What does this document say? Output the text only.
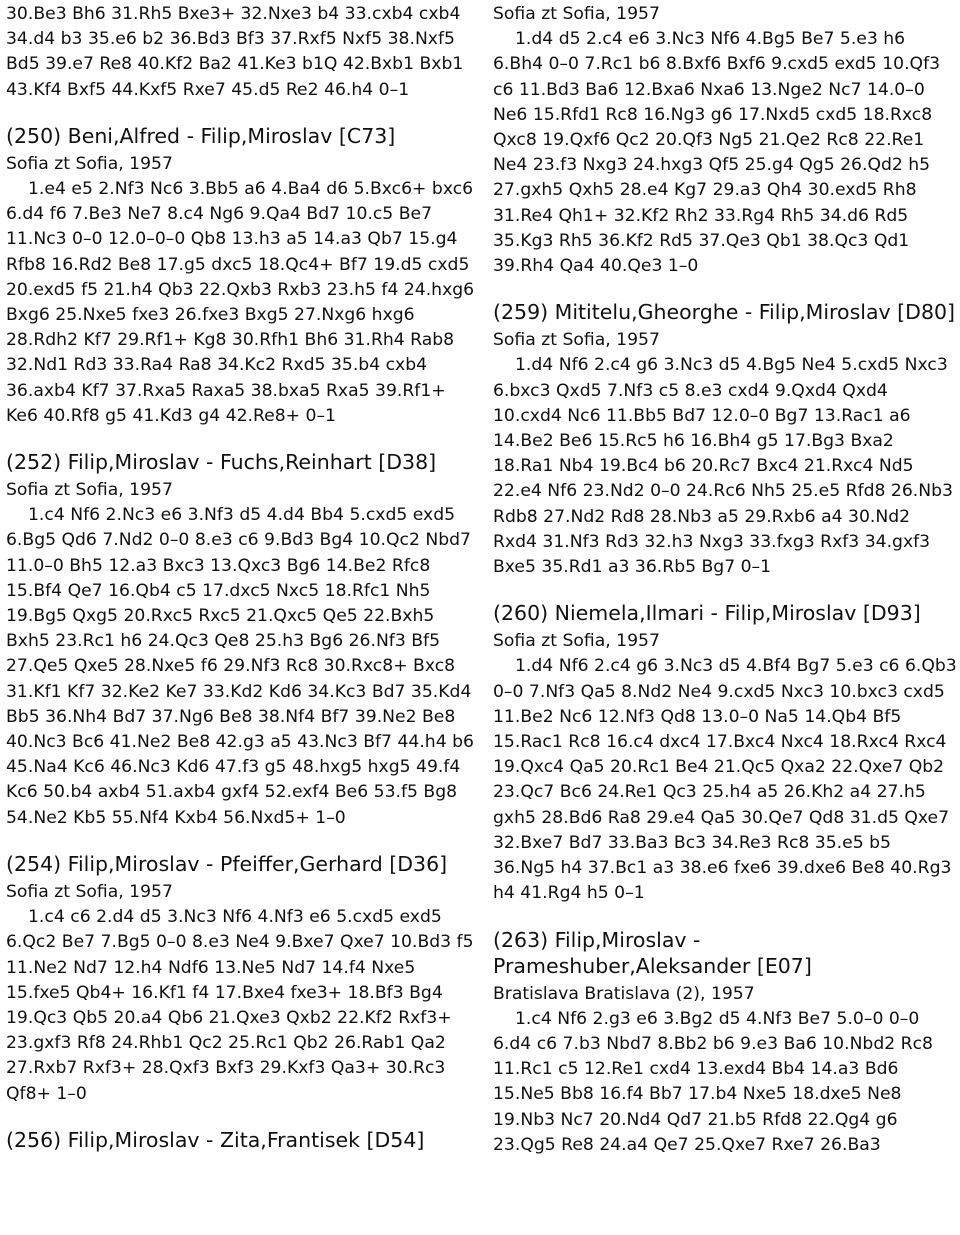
30.Be3 Bh6 31.Rh5 Bxe3+ 32.Nxe3 b4 33.cxb4 cxb4 34.d4 b3 35.e6 b2 36.Bd3 Bf3 37.Rxf5 Nxf5 38.Nxf5 Bd5 39.e7 Re8 40.Kf2 Ba2 41.Ke3 b1Q 42.Bxb1 Bxb1 43.Kf4 Bxf5 44.Kxf5 Rxe7 45.d5 Re2 46.h4 0–1

(250) Beni,Alfred - Filip,Miroslav [C73]

Sofia zt Sofia, 1957

1.e4 e5 2.Nf3 Nc6 3.Bb5 a6 4.Ba4 d6 5.Bxc6+ bxc6 6.d4 f6 7.Be3 Ne7 8.c4 Ng6 9.Qa4 Bd7 10.c5 Be7 11.Nc3 0–0 12.0–0–0 Qb8 13.h3 a5 14.a3 Qb7 15.g4 Rfb8 16.Rd2 Be8 17.g5 dxc5 18.Qc4+ Bf7 19.d5 cxd5 20.exd5 f5 21.h4 Qb3 22.Qxb3 Rxb3 23.h5 f4 24.hxg6 Bxg6 25.Nxe5 fxe3 26.fxe3 Bxg5 27.Nxg6 hxg6 28.Rdh2 Kf7 29.Rf1+ Kg8 30.Rfh1 Bh6 31.Rh4 Rab8 32.Nd1 Rd3 33.Ra4 Ra8 34.Kc2 Rxd5 35.b4 cxb4 36.axb4 Kf7 37.Rxa5 Raxa5 38.bxa5 Rxa5 39.Rf1+ Ke6 40.Rf8 g5 41.Kd3 g4 42.Re8+ 0–1

(252) Filip,Miroslav - Fuchs,Reinhart [D38]

Sofia zt Sofia, 1957

1.c4 Nf6 2.Nc3 e6 3.Nf3 d5 4.d4 Bb4 5.cxd5 exd5 6.Bg5 Qd6 7.Nd2 0–0 8.e3 c6 9.Bd3 Bg4 10.Qc2 Nbd7 11.0–0 Bh5 12.a3 Bxc3 13.Qxc3 Bg6 14.Be2 Rfc8 15.Bf4 Qe7 16.Qb4 c5 17.dxc5 Nxc5 18.Rfc1 Nh5 19.Bg5 Qxg5 20.Rxc5 Rxc5 21.Qxc5 Qe5 22.Bxh5 Bxh5 23.Rc1 h6 24.Qc3 Qe8 25.h3 Bg6 26.Nf3 Bf5 27.Qe5 Qxe5 28.Nxe5 f6 29.Nf3 Rc8 30.Rxc8+ Bxc8 31.Kf1 Kf7 32.Ke2 Ke7 33.Kd2 Kd6 34.Kc3 Bd7 35.Kd4 Bb5 36.Nh4 Bd7 37.Ng6 Be8 38.Nf4 Bf7 39.Ne2 Be8 40.Nc3 Bc6 41.Ne2 Be8 42.g3 a5 43.Nc3 Bf7 44.h4 b6 45.Na4 Kc6 46.Nc3 Kd6 47.f3 g5 48.hxg5 hxg5 49.f4 Kc6 50.b4 axb4 51.axb4 gxf4 52.exf4 Be6 53.f5 Bg8 54.Ne2 Kb5 55.Nf4 Kxb4 56.Nxd5+ 1–0

(254) Filip,Miroslav - Pfeiffer,Gerhard [D36]

Sofia zt Sofia, 1957

1.c4 c6 2.d4 d5 3.Nc3 Nf6 4.Nf3 e6 5.cxd5 exd5 6.Qc2 Be7 7.Bg5 0–0 8.e3 Ne4 9.Bxe7 Qxe7 10.Bd3 f5 11.Ne2 Nd7 12.h4 Ndf6 13.Ne5 Nd7 14.f4 Nxe5 15.fxe5 Qb4+ 16.Kf1 f4 17.Bxe4 fxe3+ 18.Bf3 Bg4 19.Qc3 Qb5 20.a4 Qb6 21.Qxe3 Qxb2 22.Kf2 Rxf3+ 23.gxf3 Rf8 24.Rhb1 Qc2 25.Rc1 Qb2 26.Rab1 Qa2 27.Rxb7 Rxf3+ 28.Qxf3 Bxf3 29.Kxf3 Qa3+ 30.Rc3 Qf8+ 1–0

(256) Filip,Miroslav - Zita,Frantisek [D54]

Sofia zt Sofia, 1957

1.d4 d5 2.c4 e6 3.Nc3 Nf6 4.Bg5 Be7 5.e3 h6 6.Bh4 0–0 7.Rc1 b6 8.Bxf6 Bxf6 9.cxd5 exd5 10.Qf3 c6 11.Bd3 Ba6 12.Bxa6 Nxa6 13.Nge2 Nc7 14.0–0 Ne6 15.Rfd1 Rc8 16.Ng3 g6 17.Nxd5 cxd5 18.Rxc8 Qxc8 19.Qxf6 Qc2 20.Qf3 Ng5 21.Qe2 Rc8 22.Re1 Ne4 23.f3 Nxg3 24.hxg3 Qf5 25.g4 Qg5 26.Qd2 h5 27.gxh5 Qxh5 28.e4 Kg7 29.a3 Qh4 30.exd5 Rh8 31.Re4 Qh1+ 32.Kf2 Rh2 33.Rg4 Rh5 34.d6 Rd5 35.Kg3 Rh5 36.Kf2 Rd5 37.Qe3 Qb1 38.Qc3 Qd1 39.Rh4 Qa4 40.Qe3 1–0

(259) Mititelu,Gheorghe - Filip,Miroslav [D80]

Sofia zt Sofia, 1957

1.d4 Nf6 2.c4 g6 3.Nc3 d5 4.Bg5 Ne4 5.cxd5 Nxc3 6.bxc3 Qxd5 7.Nf3 c5 8.e3 cxd4 9.Qxd4 Qxd4 10.cxd4 Nc6 11.Bb5 Bd7 12.0–0 Bg7 13.Rac1 a6 14.Be2 Be6 15.Rc5 h6 16.Bh4 g5 17.Bg3 Bxa2 18.Ra1 Nb4 19.Bc4 b6 20.Rc7 Bxc4 21.Rxc4 Nd5 22.e4 Nf6 23.Nd2 0–0 24.Rc6 Nh5 25.e5 Rfd8 26.Nb3 Rdb8 27.Nd2 Rd8 28.Nb3 a5 29.Rxb6 a4 30.Nd2 Rxd4 31.Nf3 Rd3 32.h3 Nxg3 33.fxg3 Rxf3 34.gxf3 Bxe5 35.Rd1 a3 36.Rb5 Bg7 0–1

(260) Niemela,Ilmari - Filip,Miroslav [D93]

Sofia zt Sofia, 1957

1.d4 Nf6 2.c4 g6 3.Nc3 d5 4.Bf4 Bg7 5.e3 c6 6.Qb3 0–0 7.Nf3 Qa5 8.Nd2 Ne4 9.cxd5 Nxc3 10.bxc3 cxd5 11.Be2 Nc6 12.Nf3 Qd8 13.0–0 Na5 14.Qb4 Bf5 15.Rac1 Rc8 16.c4 dxc4 17.Bxc4 Nxc4 18.Rxc4 Rxc4 19.Qxc4 Qa5 20.Rc1 Be4 21.Qc5 Qxa2 22.Qxe7 Qb2 23.Qc7 Bc6 24.Re1 Qc3 25.h4 a5 26.Kh2 a4 27.h5 gxh5 28.Bd6 Ra8 29.e4 Qa5 30.Qe7 Qd8 31.d5 Qxe7 32.Bxe7 Bd7 33.Ba3 Bc3 34.Re3 Rc8 35.e5 b5 36.Ng5 h4 37.Bc1 a3 38.e6 fxe6 39.dxe6 Be8 40.Rg3 h4 41.Rg4 h5 0–1

(263) Filip,Miroslav - Prameshuber,Aleksander [E07]

Bratislava Bratislava (2), 1957

1.c4 Nf6 2.g3 e6 3.Bg2 d5 4.Nf3 Be7 5.0–0 0–0 6.d4 c6 7.b3 Nbd7 8.Bb2 b6 9.e3 Ba6 10.Nbd2 Rc8 11.Rc1 c5 12.Re1 cxd4 13.exd4 Bb4 14.a3 Bd6 15.Ne5 Bb8 16.f4 Bb7 17.b4 Nxe5 18.dxe5 Ne8 19.Nb3 Nc7 20.Nd4 Qd7 21.b5 Rfd8 22.Qg4 g6 23.Qg5 Re8 24.a4 Qe7 25.Qxe7 Rxe7 26.Ba3
